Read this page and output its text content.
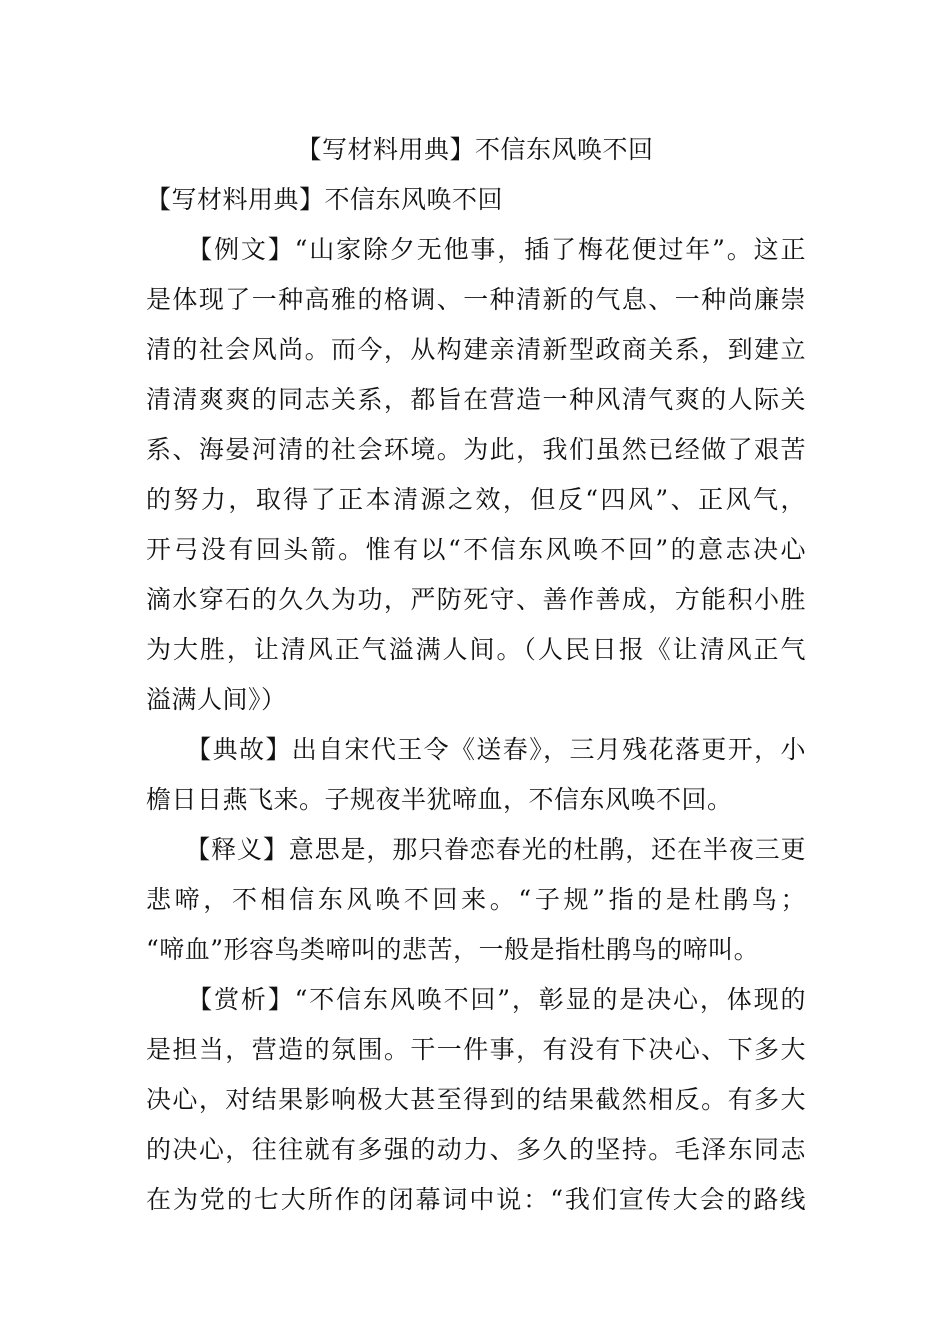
【写材料用典】不信东风唤不回
【写材料用典】不信东风唤不回
　　【例文】“山家除夕无他事，插了梅花便过年”。这正
是体现了一种高雅的格调、一种清新的气息、一种尚廉崇
清的社会风尚。而今，从构建亲清新型政商关系，到建立
清清爽爽的同志关系，都旨在营造一种风清气爽的人际关
系、海晏河清的社会环境。为此，我们虽然已经做了艰苦
的努力，取得了正本清源之效，但反“四风”、正风气，
开弓没有回头箭。惟有以“不信东风唤不回”的意志决心
滴水穿石的久久为功，严防死守、善作善成，方能积小胜
为大胜，让清风正气溢满人间。（人民日报《让清风正气
溢满人间》）
　　【典故】出自宋代王令《送春》，三月残花落更开，小
檐日日燕飞来。子规夜半犹啼血，不信东风唤不回。
　　【释义】意思是，那只眷恋春光的杜鹃，还在半夜三更
悲啼，不相信东风唤不回来。“子规”指的是杜鹃鸟；
“啼血”形容鸟类啼叫的悲苦，一般是指杜鹃鸟的啼叫。
　　【赏析】“不信东风唤不回”，彰显的是决心，体现的
是担当，营造的氛围。干一件事，有没有下决心、下多大
决心，对结果影响极大甚至得到的结果截然相反。有多大
的决心，往往就有多强的动力、多久的坚持。毛泽东同志
在为党的七大所作的闭幕词中说：“我们宣传大会的路线
